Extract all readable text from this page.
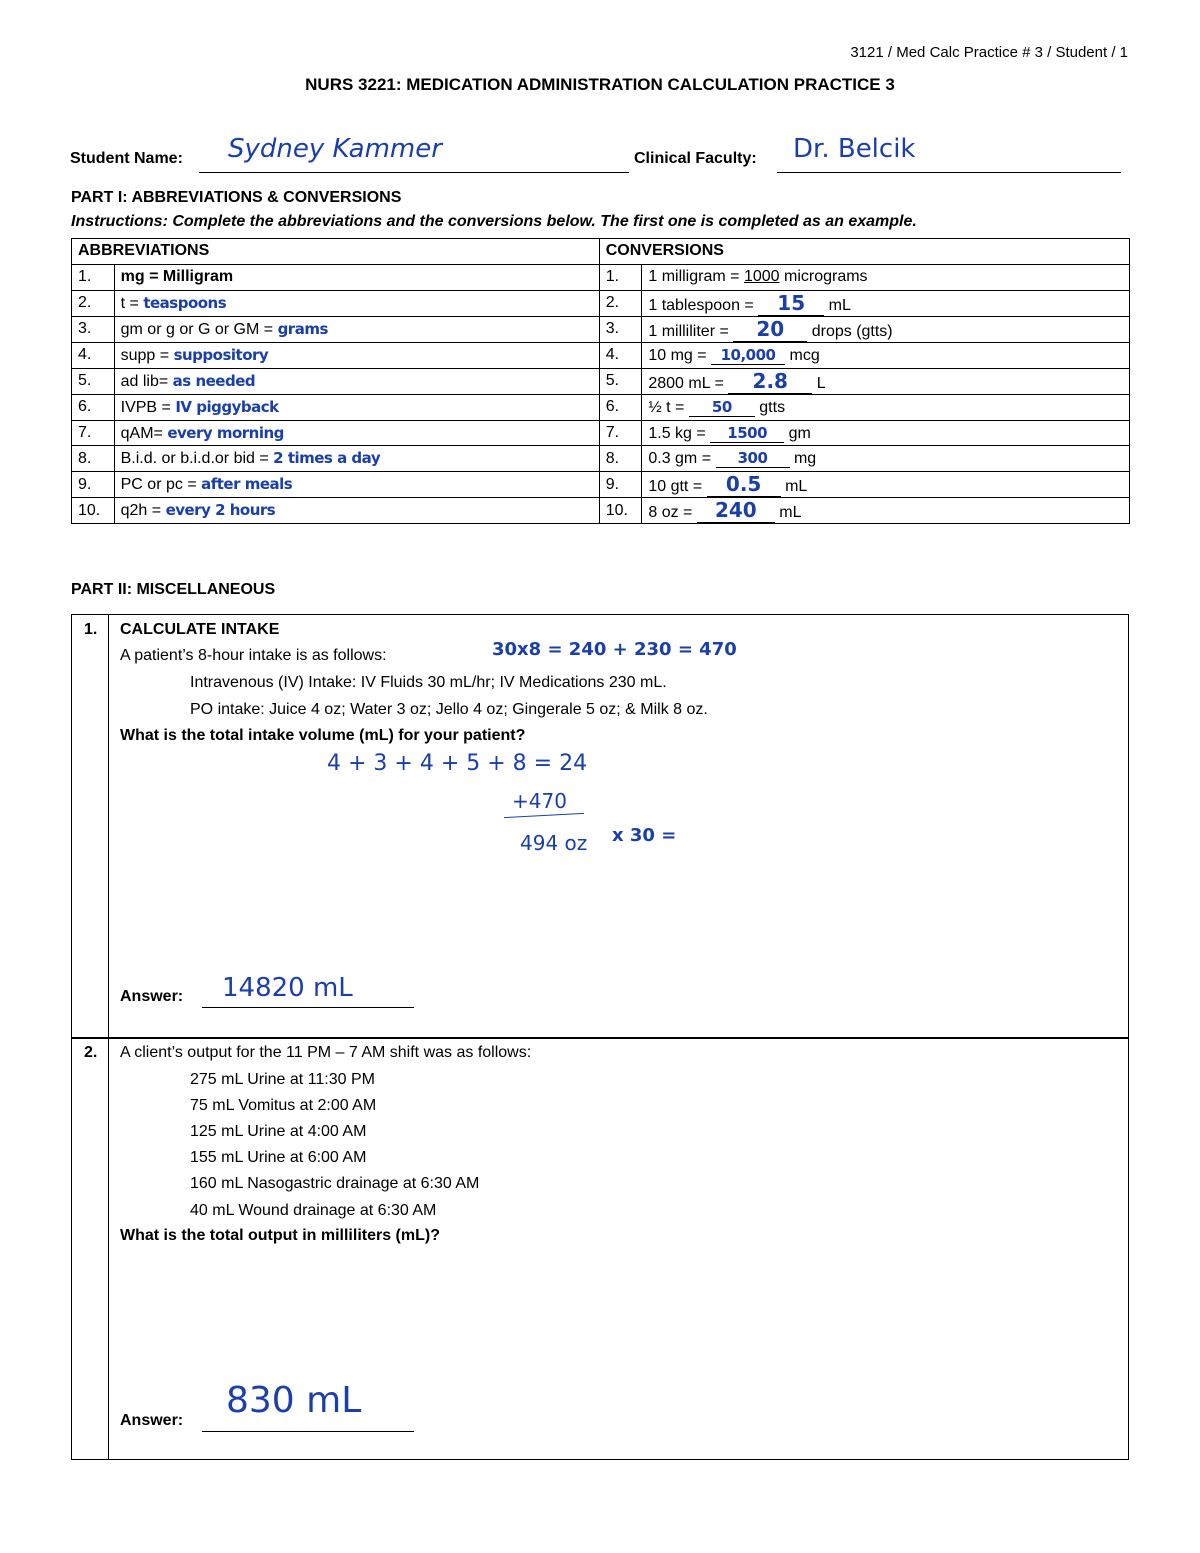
3121 / Med Calc Practice # 3 / Student / 1
NURS 3221: MEDICATION ADMINISTRATION CALCULATION PRACTICE 3
Student Name: Sydney Kammer	Clinical Faculty: Dr. Belcik
PART I: ABBREVIATIONS & CONVERSIONS
Instructions: Complete the abbreviations and the conversions below. The first one is completed as an example.
ABBREVIATIONS		CONVERSIONS	
1.	mg = Milligram	1.	1 milligram = 1000 micrograms
2.	t = teaspoons	2.	1 tablespoon = 15 mL
3.	gm or g or G or GM = grams	3.	1 milliliter = 20 drops (gtts)
4.	supp = suppository	4.	10 mg = 10,000 mcg
5.	ad lib= as needed	5.	2800 mL = 2.8 L
6.	IVPB = IV piggyback	6.	½ t = 50 gtts
7.	qAM= every morning	7.	1.5 kg = 1500 gm
8.	B.i.d. or b.i.d.or bid = 2 times a day	8.	0.3 gm = 300 mg
9.	PC or pc = after meals	9.	10 gtt = 0.5 mL
10.	q2h = every 2 hours	10.	8 oz = 240 mL
PART II: MISCELLANEOUS
1.	CALCULATE INTAKE
A patient’s 8-hour intake is as follows:
Intravenous (IV) Intake: IV Fluids 30 mL/hr; IV Medications 230 mL.
PO intake: Juice 4 oz; Water 3 oz; Jello 4 oz; Gingerale 5 oz; & Milk 8 oz.
What is the total intake volume (mL) for your patient?
30x8 = 240 + 230 = 470
4 + 3 + 4 + 5 + 8 = 24
+470
494 oz x 30 =
Answer: 14820 mL
2.	A client’s output for the 11 PM – 7 AM shift was as follows:
275 mL Urine at 11:30 PM
75 mL Vomitus at 2:00 AM
125 mL Urine at 4:00 AM
155 mL Urine at 6:00 AM
160 mL Nasogastric drainage at 6:30 AM
40 mL Wound drainage at 6:30 AM
What is the total output in milliliters (mL)?
Answer: 830 mL
